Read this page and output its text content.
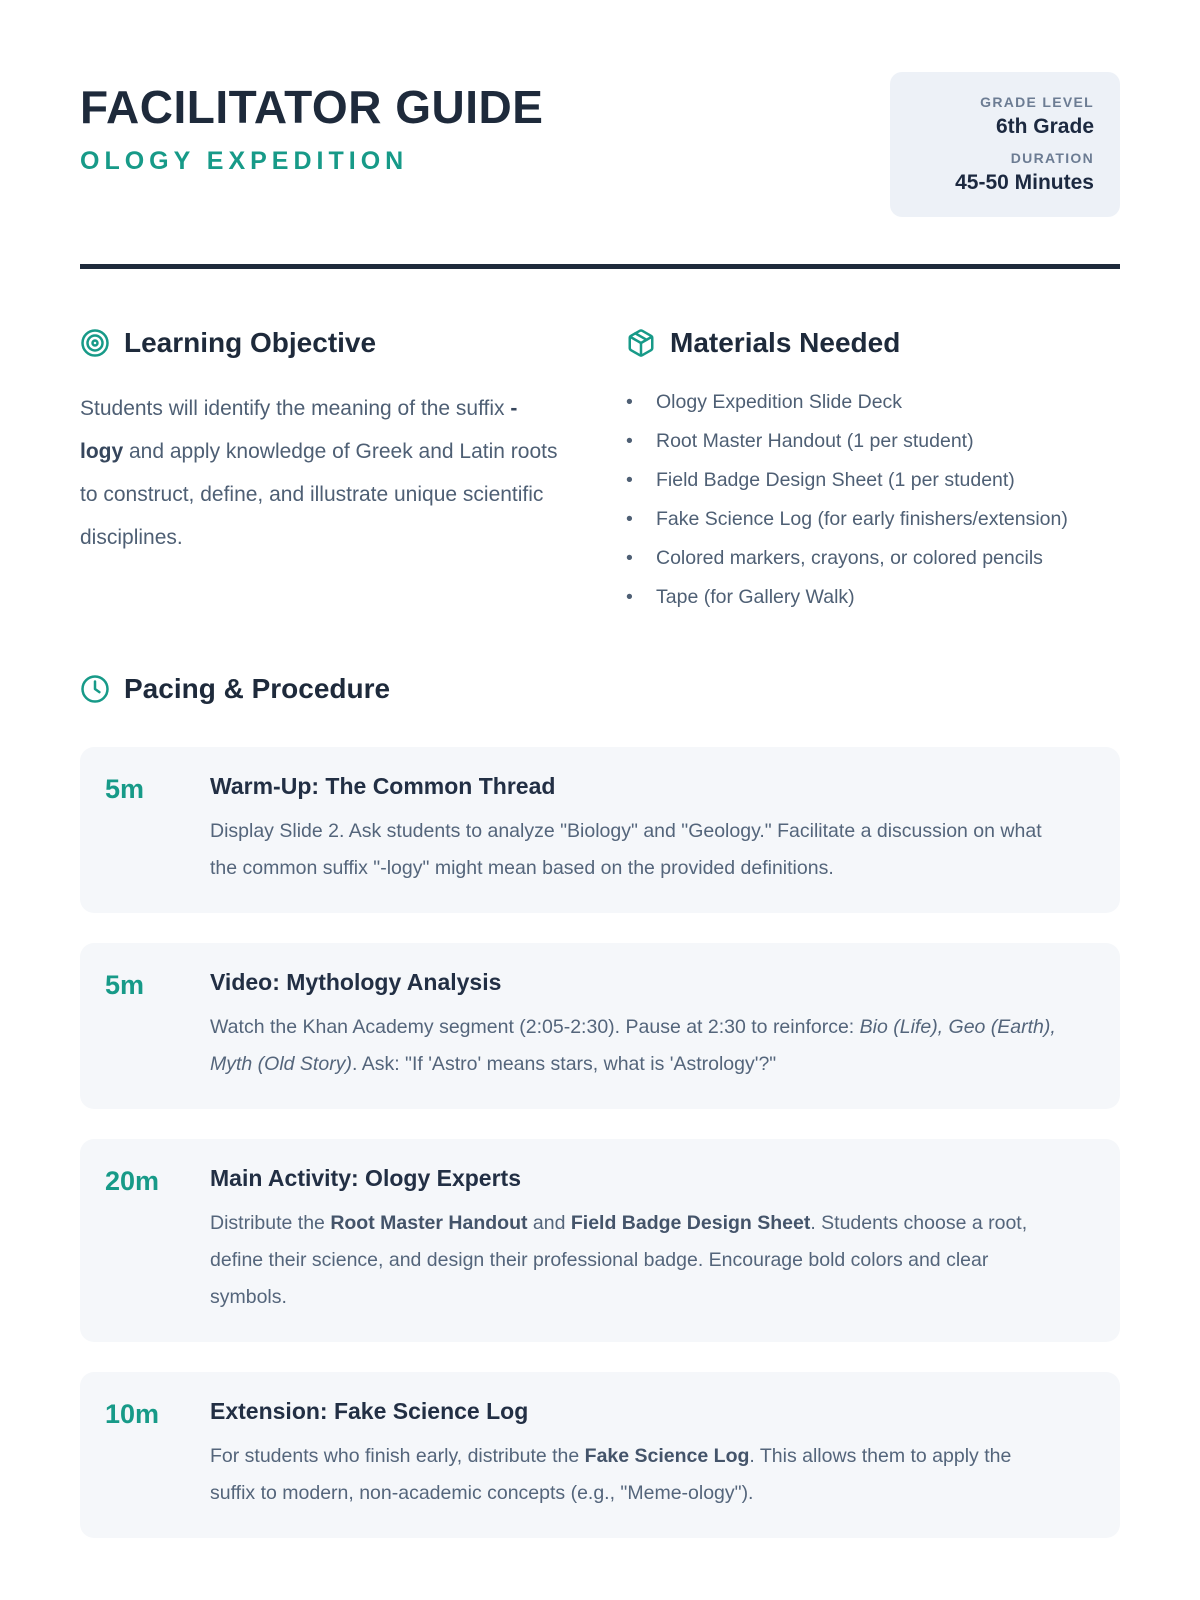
FACILITATOR GUIDE
OLOGY EXPEDITION
GRADE LEVEL
6th Grade
DURATION
45-50 Minutes
Learning Objective
Students will identify the meaning of the suffix -logy and apply knowledge of Greek and Latin roots to construct, define, and illustrate unique scientific disciplines.
Materials Needed
• Ology Expedition Slide Deck
• Root Master Handout (1 per student)
• Field Badge Design Sheet (1 per student)
• Fake Science Log (for early finishers/extension)
• Colored markers, crayons, or colored pencils
• Tape (for Gallery Walk)
Pacing & Procedure
5m	Warm-Up: The Common Thread
Display Slide 2. Ask students to analyze "Biology" and "Geology." Facilitate a discussion on what the common suffix "-logy" might mean based on the provided definitions.
5m	Video: Mythology Analysis
Watch the Khan Academy segment (2:05-2:30). Pause at 2:30 to reinforce: Bio (Life), Geo (Earth), Myth (Old Story). Ask: "If 'Astro' means stars, what is 'Astrology'?"
20m	Main Activity: Ology Experts
Distribute the Root Master Handout and Field Badge Design Sheet. Students choose a root, define their science, and design their professional badge. Encourage bold colors and clear symbols.
10m	Extension: Fake Science Log
For students who finish early, distribute the Fake Science Log. This allows them to apply the suffix to modern, non-academic concepts (e.g., "Meme-ology").
